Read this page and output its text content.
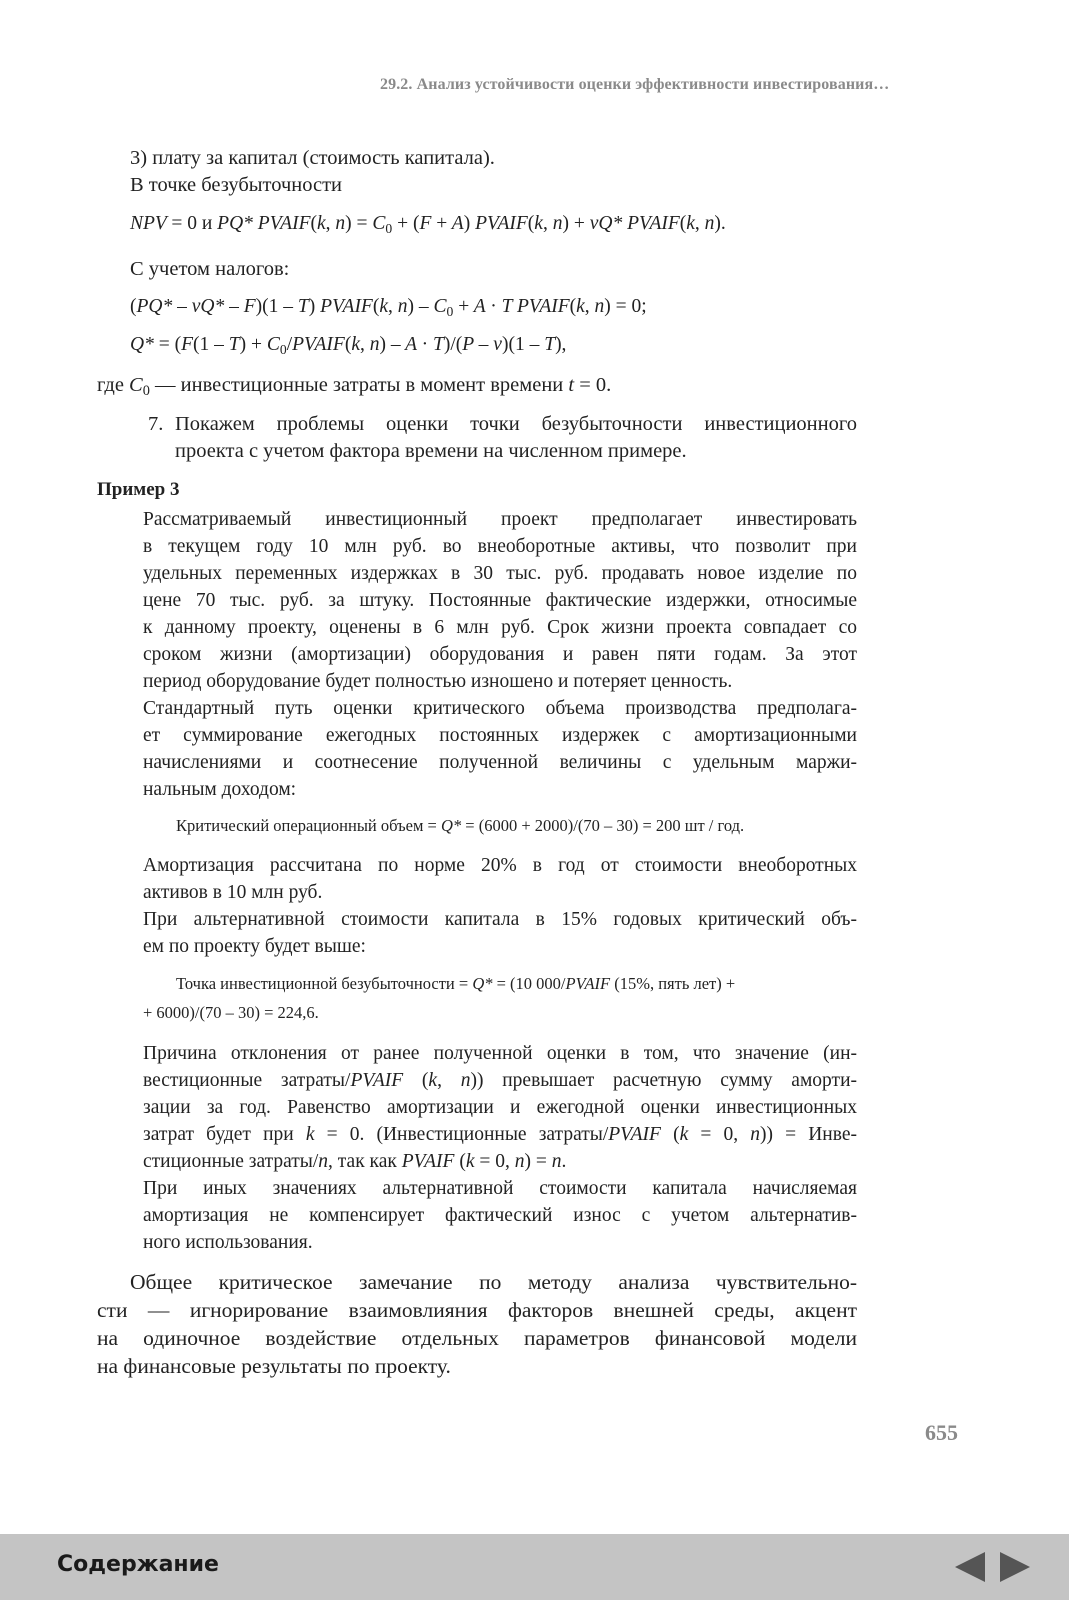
29.2. Анализ устойчивости оценки эффективности инвестирования…
3) плату за капитал (стоимость капитала).
В точке безубыточности
NPV = 0 и PQ* PVAIF(k, $n) = C_0 + (F + A)$ PVAIF(k, n) + vQ* PVAIF(k, n).
С учетом налогов:
(PQ* – vQ* – F)(1 – T) PVAIF(k, $n) - C_0 + A \cdot T$ PVAIF(k, n) = 0;
$Q* = (F(1 - T) + C_0/PVAIF(k$, n) – A · T)/(P – v)(1 – T),
где $C_0$ — инвестиционные затраты в момент времени t = 0.
7. Покажем проблемы оценки точки безубыточности инвестиционного
проекта с учетом фактора времени на численном примере.
Пример 3
Рассматриваемый инвестиционный проект предполагает инвестировать
в текущем году 10 млн руб. во внеоборотные активы, что позволит при
удельных переменных издержках в 30 тыс. руб. продавать новое изделие по
цене 70 тыс. руб. за штуку. Постоянные фактические издержки, относимые
к данному проекту, оценены в 6 млн руб. Срок жизни проекта совпадает со
сроком жизни (амортизации) оборудования и равен пяти годам. За этот
период оборудование будет полностью изношено и потеряет ценность.
Стандартный путь оценки критического объема производства предполага-
ет суммирование ежегодных постоянных издержек с амортизационными
начислениями и соотнесение полученной величины с удельным маржи-
нальным доходом:
Критический операционный объем = Q* = (6000 + 2000)/(70 – 30) = 200 шт / год.
Амортизация рассчитана по норме 20% в год от стоимости внеоборотных
активов в 10 млн руб.
При альтернативной стоимости капитала в 15% годовых критический объ-
ем по проекту будет выше:
Точка инвестиционной безубыточности = Q* = (10 000/PVAIF (15%, пять лет) +
+ 6000)/(70 – 30) = 224,6.
Причина отклонения от ранее полученной оценки в том, что значение (ин-
вестиционные затраты/PVAIF (k, n)) превышает расчетную сумму аморти-
зации за год. Равенство амортизации и ежегодной оценки инвестиционных
затрат будет при k = 0. (Инвестиционные затраты/PVAIF (k = 0, n)) = Инве-
стиционные затраты/n, так как PVAIF (k = 0, n) = n.
При иных значениях альтернативной стоимости капитала начисляемая
амортизация не компенсирует фактический износ с учетом альтернатив-
ного использования.
Общее критическое замечание по методу анализа чувствительно-
сти — игнорирование взаимовлияния факторов внешней среды, акцент
на одиночное воздействие отдельных параметров финансовой модели
на финансовые результаты по проекту.
655
Содержание
